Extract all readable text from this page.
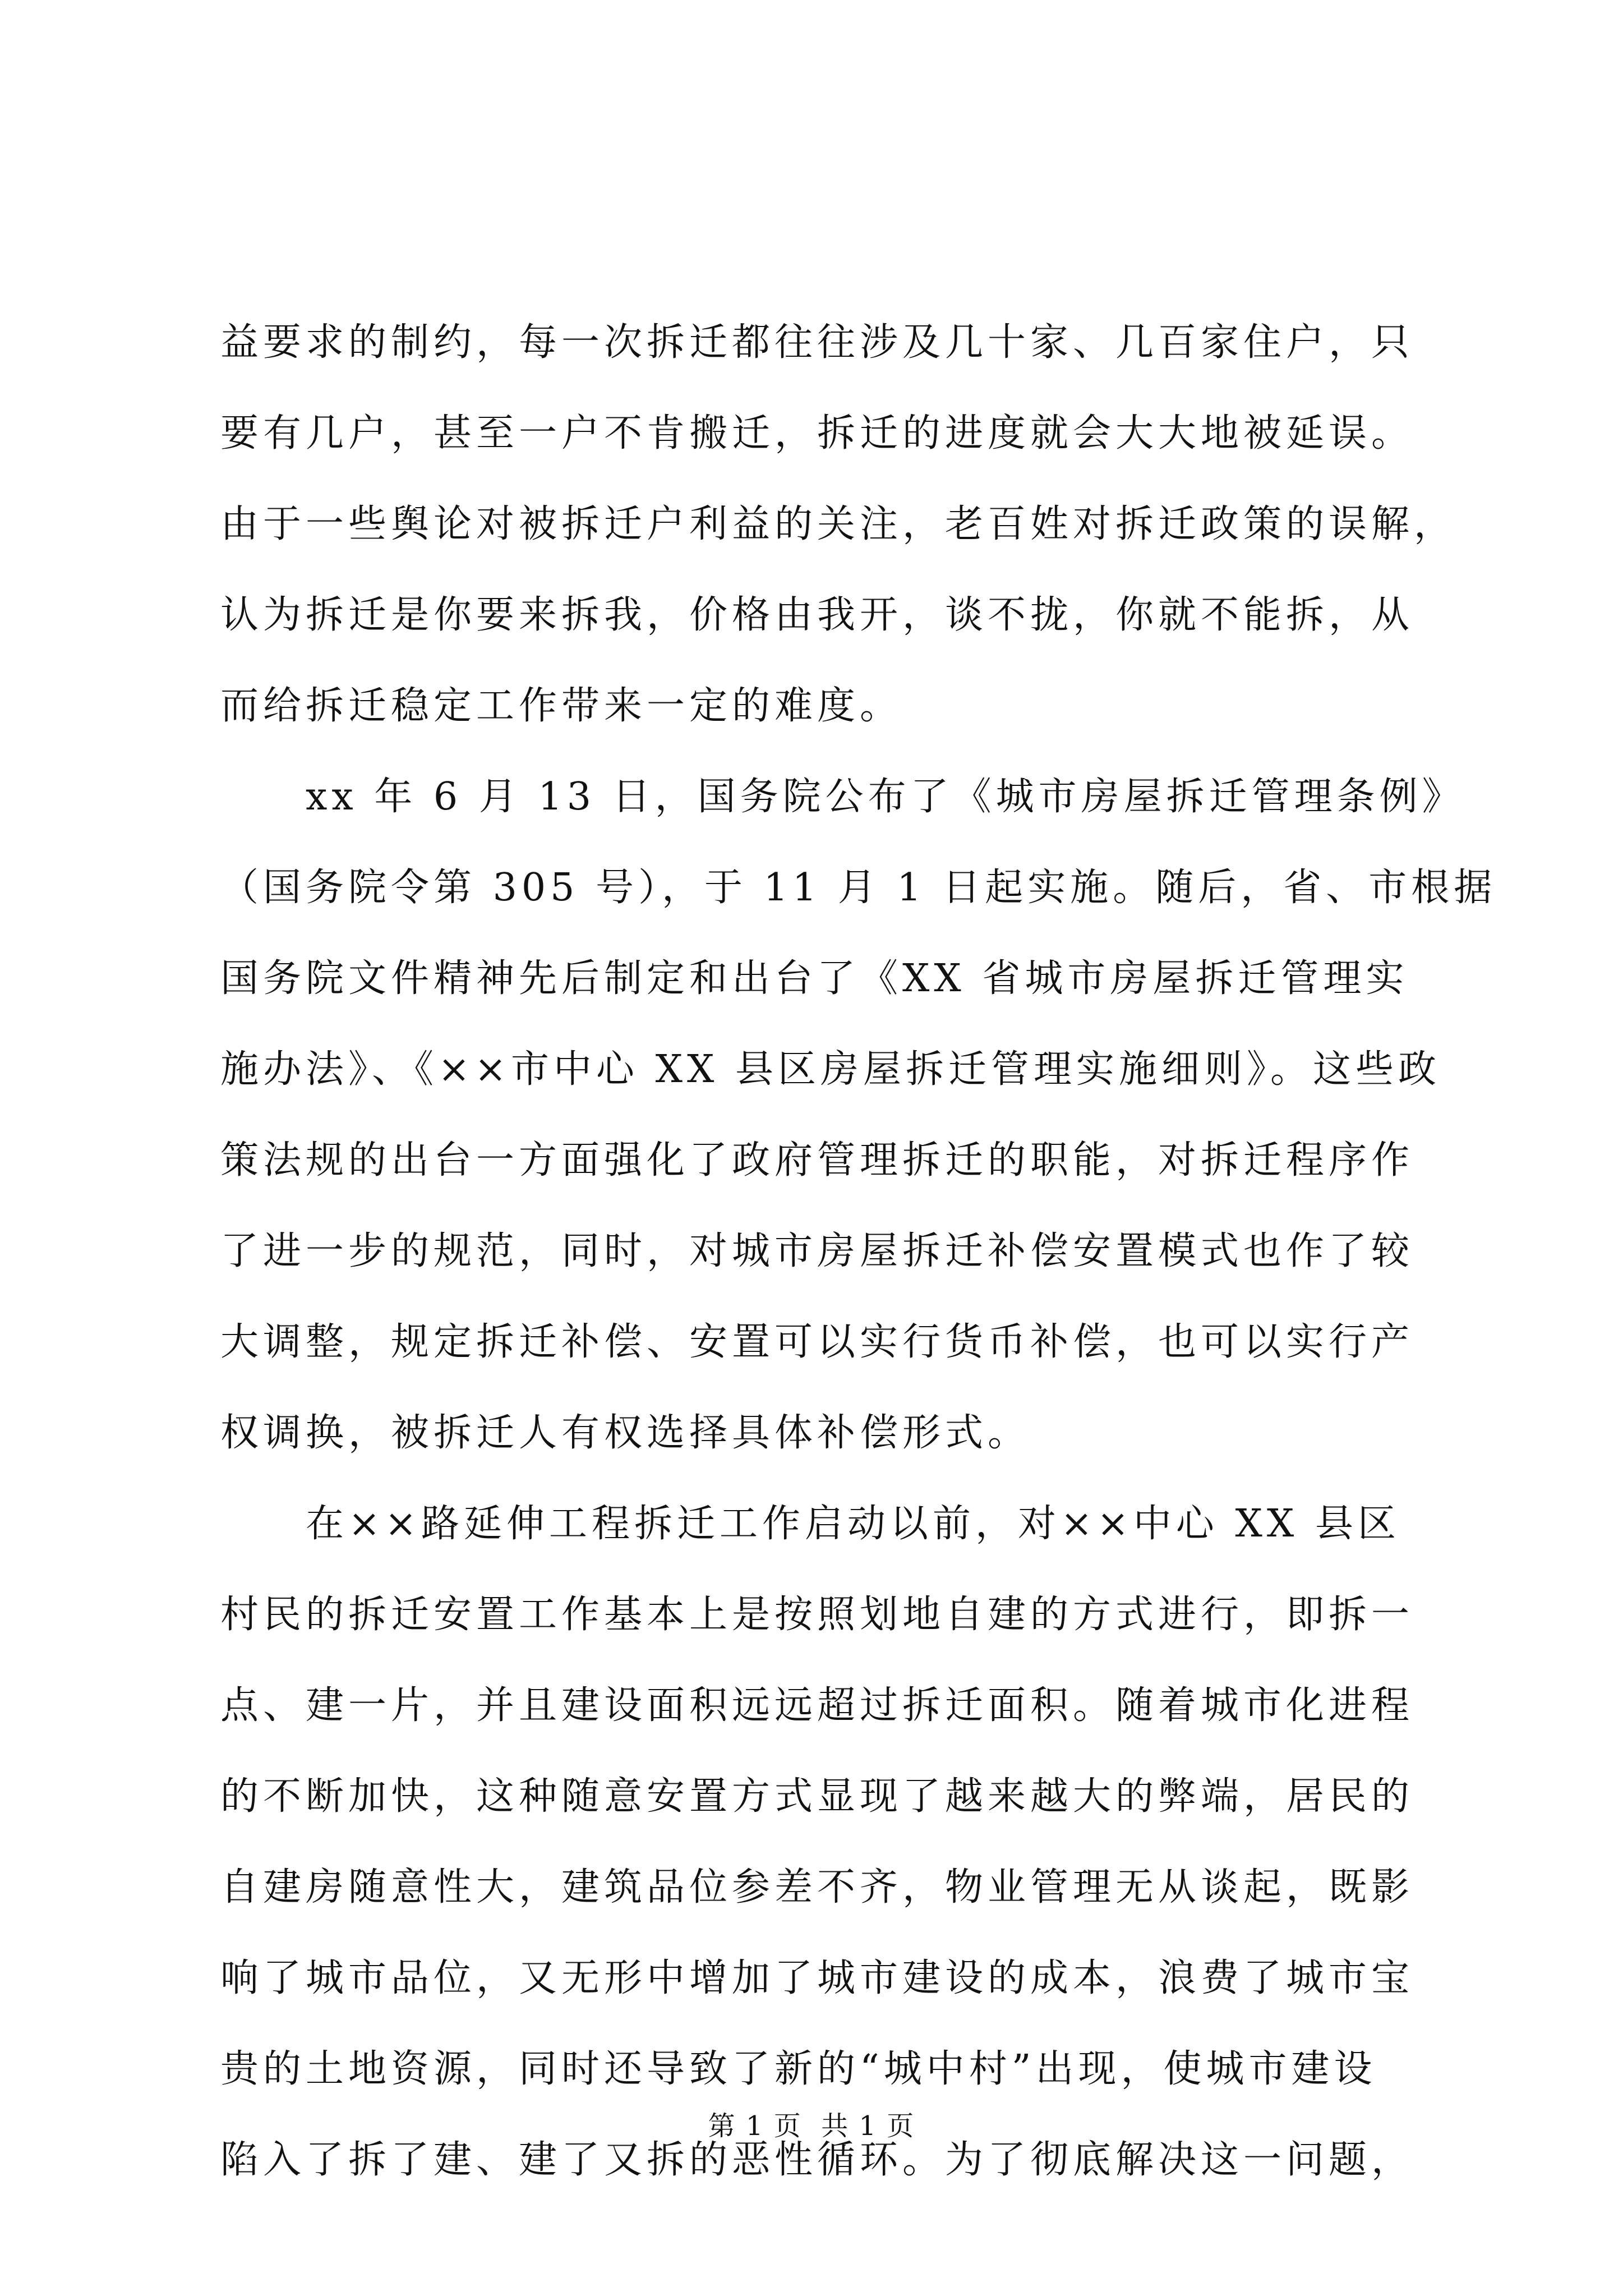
益要求的制约，每一次拆迁都往往涉及几十家、几百家住户，只
要有几户，甚至一户不肯搬迁，拆迁的进度就会大大地被延误。
由于一些舆论对被拆迁户利益的关注，老百姓对拆迁政策的误解，
认为拆迁是你要来拆我，价格由我开，谈不拢，你就不能拆，从
而给拆迁稳定工作带来一定的难度。
　　xx 年 6 月 13 日，国务院公布了《城市房屋拆迁管理条例》
（国务院令第 305 号），于 11 月 1 日起实施。随后，省、市根据
国务院文件精神先后制定和出台了《XX 省城市房屋拆迁管理实
施办法》、《××市中心 XX 县区房屋拆迁管理实施细则》。这些政
策法规的出台一方面强化了政府管理拆迁的职能，对拆迁程序作
了进一步的规范，同时，对城市房屋拆迁补偿安置模式也作了较
大调整，规定拆迁补偿、安置可以实行货币补偿，也可以实行产
权调换，被拆迁人有权选择具体补偿形式。
　　在××路延伸工程拆迁工作启动以前，对××中心 XX 县区
村民的拆迁安置工作基本上是按照划地自建的方式进行，即拆一
点、建一片，并且建设面积远远超过拆迁面积。随着城市化进程
的不断加快，这种随意安置方式显现了越来越大的弊端，居民的
自建房随意性大，建筑品位参差不齐，物业管理无从谈起，既影
响了城市品位，又无形中增加了城市建设的成本，浪费了城市宝
贵的土地资源，同时还导致了新的“城中村”出现，使城市建设
陷入了拆了建、建了又拆的恶性循环。为了彻底解决这一问题，
第 1 页  共 1 页
